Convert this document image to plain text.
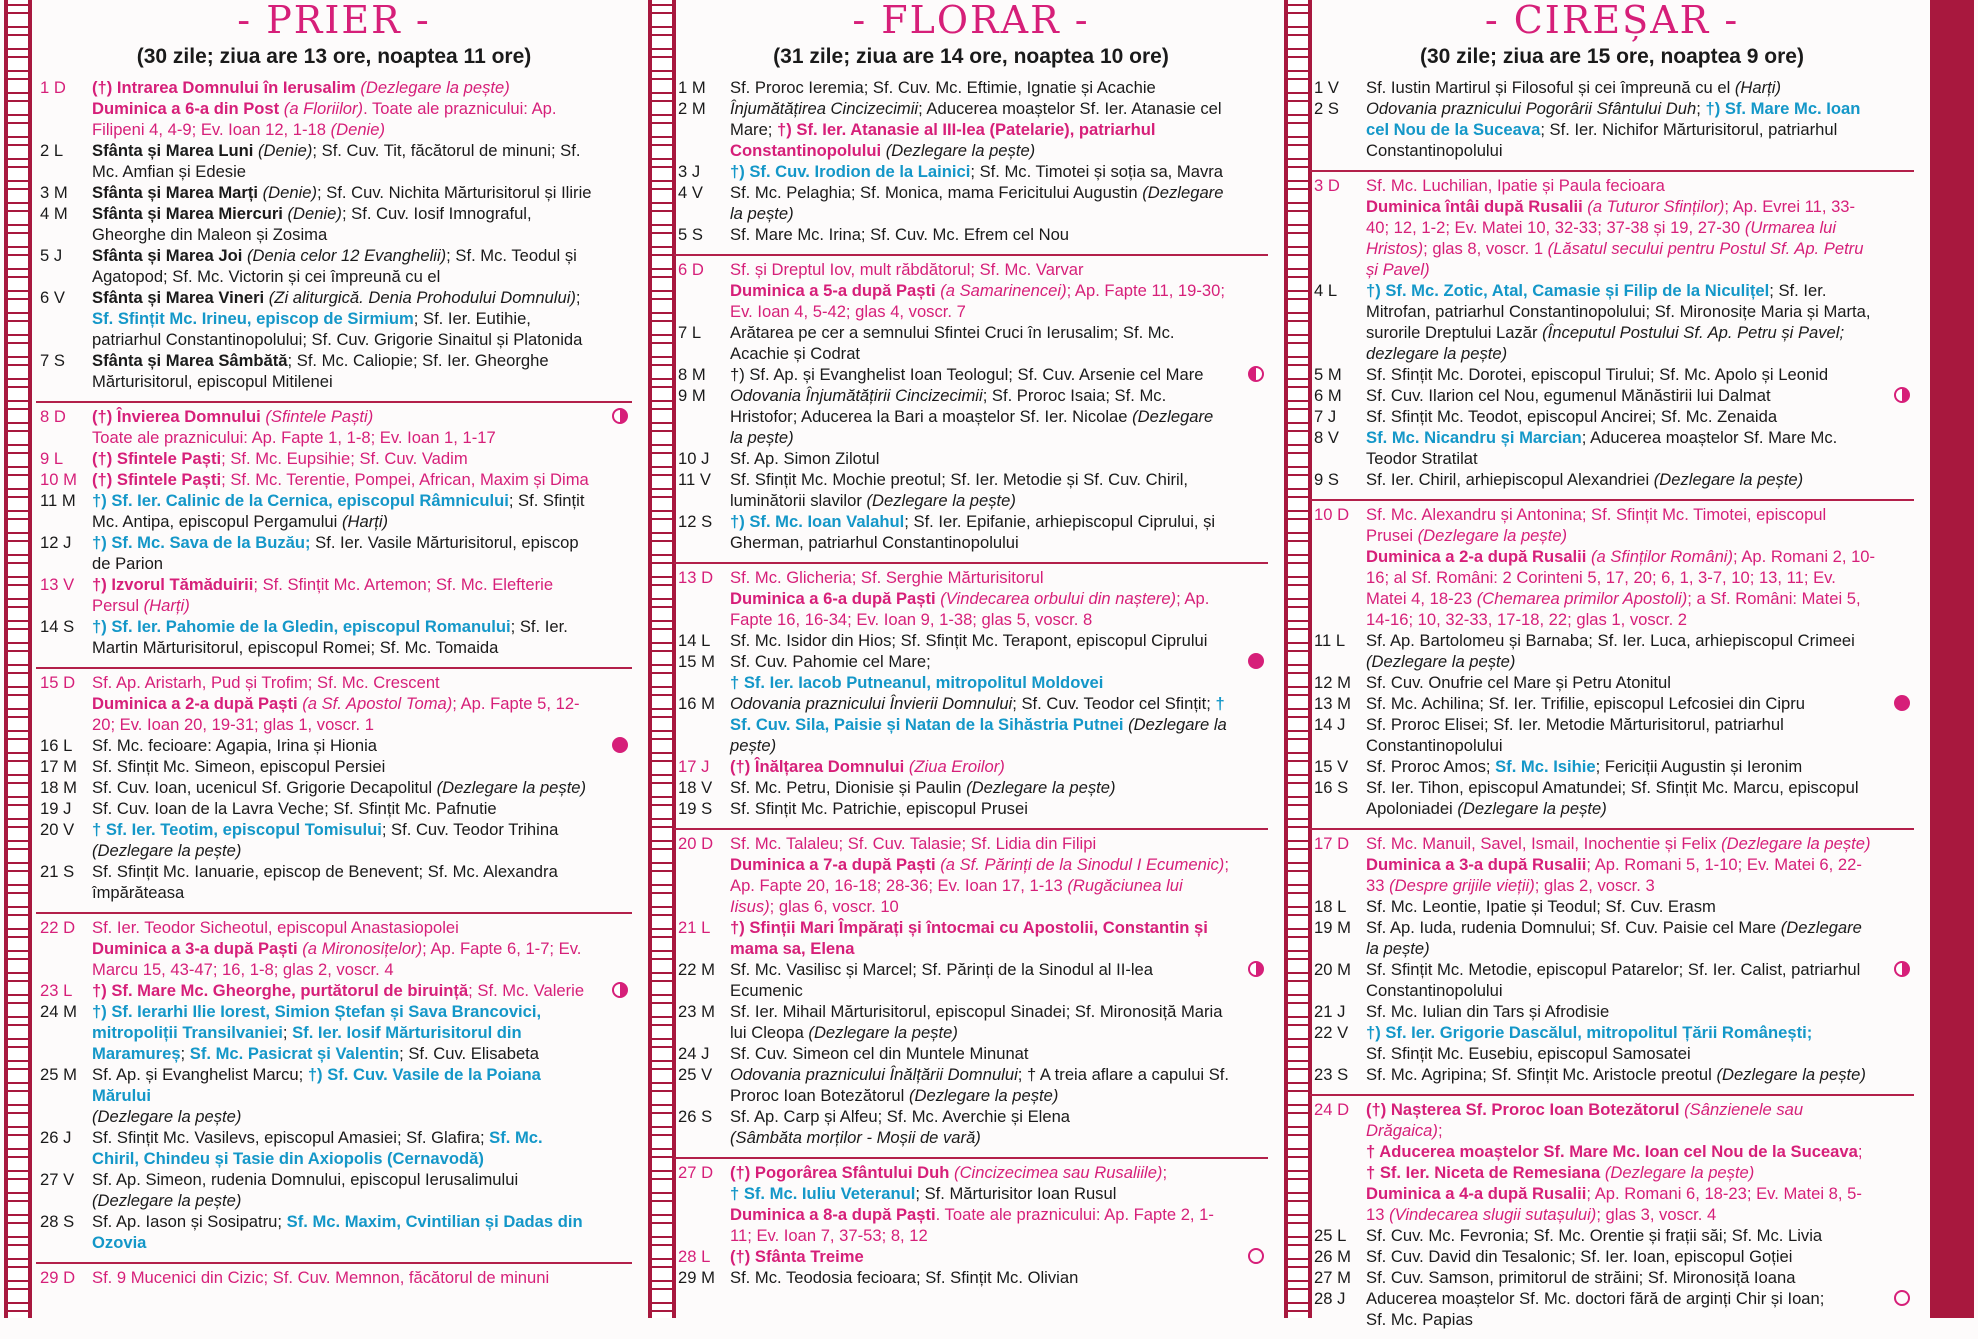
- PRIER -
(30 zile; ziua are 13 ore, noaptea 11 ore)
1 D	(†) Intrarea Domnului în Ierusalim (Dezlegare la pește)
Duminica a 6-a din Post (a Floriilor). Toate ale praznicului: Ap. Filipeni 4, 4-9; Ev. Ioan 12, 1-18 (Denie)
2 L	Sfânta și Marea Luni (Denie); Sf. Cuv. Tit, făcătorul de minuni; Sf. Mc. Amfian și Edesie
3 M	Sfânta și Marea Marți (Denie); Sf. Cuv. Nichita Mărturisitorul și Ilirie
4 M	Sfânta și Marea Miercuri (Denie); Sf. Cuv. Iosif Imnograful, Gheorghe din Maleon și Zosima
5 J	Sfânta și Marea Joi (Denia celor 12 Evanghelii); Sf. Mc. Teodul și Agatopod; Sf. Mc. Victorin și cei împreună cu el
6 V	Sfânta și Marea Vineri (Zi aliturgică. Denia Prohodului Domnului); Sf. Sfințit Mc. Irineu, episcop de Sirmium; Sf. Ier. Eutihie, patriarhul Constantinopolului; Sf. Cuv. Grigorie Sinaitul și Platonida
7 S	Sfânta și Marea Sâmbătă; Sf. Mc. Caliopie; Sf. Ier. Gheorghe Mărturisitorul, episcopul Mitilenei
8 D	(†) Învierea Domnului (Sfintele Paști)
Toate ale praznicului: Ap. Fapte 1, 1-8; Ev. Ioan 1, 1-17
9 L	(†) Sfintele Paști; Sf. Mc. Eupsihie; Sf. Cuv. Vadim
10 M (†) Sfintele Paști; Sf. Mc. Terentie, Pompei, African, Maxim și Dima
11 M †) Sf. Ier. Calinic de la Cernica, episcopul Râmnicului; Sf. Sfințit Mc. Antipa, episcopul Pergamului (Harți)
12 J	†) Sf. Mc. Sava de la Buzău; Sf. Ier. Vasile Mărturisitorul, episcop de Parion
13 V	†) Izvorul Tămăduirii; Sf. Sfințit Mc. Artemon; Sf. Mc. Elefterie Persul (Harți)
14 S	†) Sf. Ier. Pahomie de la Gledin, episcopul Romanului; Sf. Ier. Martin Mărturisitorul, episcopul Romei; Sf. Mc. Tomaida
15 D	Sf. Ap. Aristarh, Pud și Trofim; Sf. Mc. Crescent
Duminica a 2-a după Paști (a Sf. Apostol Toma); Ap. Fapte 5, 12-20; Ev. Ioan 20, 19-31; glas 1, voscr. 1
16 L	Sf. Mc. fecioare: Agapia, Irina și Hionia
17 M Sf. Sfințit Mc. Simeon, episcopul Persiei
18 M Sf. Cuv. Ioan, ucenicul Sf. Grigorie Decapolitul (Dezlegare la pește)
19 J	Sf. Cuv. Ioan de la Lavra Veche; Sf. Sfințit Mc. Pafnutie
20 V	† Sf. Ier. Teotim, episcopul Tomisului; Sf. Cuv. Teodor Trihina (Dezlegare la pește)
21 S	Sf. Sfințit Mc. Ianuarie, episcop de Benevent; Sf. Mc. Alexandra împărăteasa
22 D	Sf. Ier. Teodor Sicheotul, episcopul Anastasiopolei
Duminica a 3-a după Paști (a Mironosițelor); Ap. Fapte 6, 1-7; Ev. Marcu 15, 43-47; 16, 1-8; glas 2, voscr. 4
23 L	†) Sf. Mare Mc. Gheorghe, purtătorul de biruință; Sf. Mc. Valerie
24 M †) Sf. Ierarhi Ilie Iorest, Simion Ștefan și Sava Brancovici, mitropoliții Transilvaniei; Sf. Ier. Iosif Mărturisitorul din Maramureș; Sf. Mc. Pasicrat și Valentin; Sf. Cuv. Elisabeta
25 M Sf. Ap. și Evanghelist Marcu; †) Sf. Cuv. Vasile de la Poiana Mărului
(Dezlegare la pește)
26 J	Sf. Sfințit Mc. Vasilevs, episcopul Amasiei; Sf. Glafira; Sf. Mc. Chiril, Chindeu și Tasie din Axiopolis (Cernavodă)
27 V	Sf. Ap. Simeon, rudenia Domnului, episcopul Ierusalimului (Dezlegare la pește)
28 S	Sf. Ap. Iason și Sosipatru; Sf. Mc. Maxim, Cvintilian și Dadas din Ozovia
29 D	Sf. 9 Mucenici din Cizic; Sf. Cuv. Memnon, făcătorul de minuni
- FLORAR -
(31 zile; ziua are 14 ore, noaptea 10 ore)
1 M	Sf. Proroc Ieremia; Sf. Cuv. Mc. Eftimie, Ignatie și Acachie
2 M	Înjumătățirea Cincizecimii; Aducerea moaștelor Sf. Ier. Atanasie cel Mare; †) Sf. Ier. Atanasie al III-lea (Patelarie), patriarhul Constantinopolului (Dezlegare la pește)
3 J	†) Sf. Cuv. Irodion de la Lainici; Sf. Mc. Timotei și soția sa, Mavra
4 V	Sf. Mc. Pelaghia; Sf. Monica, mama Fericitului Augustin (Dezlegare la pește)
5 S	Sf. Mare Mc. Irina; Sf. Cuv. Mc. Efrem cel Nou
6 D	Sf. și Dreptul Iov, mult răbdătorul; Sf. Mc. Varvar
Duminica a 5-a după Paști (a Samarinencei); Ap. Fapte 11, 19-30; Ev. Ioan 4, 5-42; glas 4, voscr. 7
7 L	Arătarea pe cer a semnului Sfintei Cruci în Ierusalim; Sf. Mc. Acachie și Codrat
8 M	†) Sf. Ap. și Evanghelist Ioan Teologul; Sf. Cuv. Arsenie cel Mare
9 M	Odovania Înjumătățirii Cincizecimii; Sf. Proroc Isaia; Sf. Mc. Hristofor; Aducerea la Bari a moaștelor Sf. Ier. Nicolae (Dezlegare la pește)
10 J	Sf. Ap. Simon Zilotul
11 V	Sf. Sfințit Mc. Mochie preotul; Sf. Ier. Metodie și Sf. Cuv. Chiril, luminătorii slavilor (Dezlegare la pește)
12 S	†) Sf. Mc. Ioan Valahul; Sf. Ier. Epifanie, arhiepiscopul Ciprului, și Gherman, patriarhul Constantinopolului
13 D	Sf. Mc. Glicheria; Sf. Serghie Mărturisitorul
Duminica a 6-a după Paști (Vindecarea orbului din naștere); Ap. Fapte 16, 16-34; Ev. Ioan 9, 1-38; glas 5, voscr. 8
14 L	Sf. Mc. Isidor din Hios; Sf. Sfințit Mc. Terapont, episcopul Ciprului
15 M Sf. Cuv. Pahomie cel Mare;
† Sf. Ier. Iacob Putneanul, mitropolitul Moldovei
16 M Odovania praznicului Învierii Domnului; Sf. Cuv. Teodor cel Sfințit; † Sf. Cuv. Sila, Paisie și Natan de la Sihăstria Putnei (Dezlegare la pește)
17 J	(†) Înălțarea Domnului (Ziua Eroilor)
18 V	Sf. Mc. Petru, Dionisie și Paulin (Dezlegare la pește)
19 S	Sf. Sfințit Mc. Patrichie, episcopul Prusei
20 D	Sf. Mc. Talaleu; Sf. Cuv. Talasie; Sf. Lidia din Filipi
Duminica a 7-a după Paști (a Sf. Părinți de la Sinodul I Ecumenic); Ap. Fapte 20, 16-18; 28-36; Ev. Ioan 17, 1-13 (Rugăciunea lui Iisus); glas 6, voscr. 10
21 L	†) Sfinții Mari Împărați și întocmai cu Apostolii, Constantin și mama sa, Elena
22 M Sf. Mc. Vasilisc și Marcel; Sf. Părinți de la Sinodul al II-lea Ecumenic
23 M Sf. Ier. Mihail Mărturisitorul, episcopul Sinadei; Sf. Mironosiță Maria lui Cleopa (Dezlegare la pește)
24 J	Sf. Cuv. Simeon cel din Muntele Minunat
25 V	Odovania praznicului Înălțării Domnului; † A treia aflare a capului Sf. Proroc Ioan Botezătorul (Dezlegare la pește)
26 S	Sf. Ap. Carp și Alfeu; Sf. Mc. Averchie și Elena
(Sâmbăta morților - Moșii de vară)
27 D	(†) Pogorârea Sfântului Duh (Cincizecimea sau Rusaliile);
† Sf. Mc. Iuliu Veteranul; Sf. Mărturisitor Ioan Rusul
Duminica a 8-a după Paști. Toate ale praznicului: Ap. Fapte 2, 1-11; Ev. Ioan 7, 37-53; 8, 12
28 L	(†) Sfânta Treime
29 M Sf. Mc. Teodosia fecioara; Sf. Sfințit Mc. Olivian
- CIREȘAR -
(30 zile; ziua are 15 ore, noaptea 9 ore)
1 V	Sf. Iustin Martirul și Filosoful și cei împreună cu el (Harți)
2 S	Odovania praznicului Pogorârii Sfântului Duh; †) Sf. Mare Mc. Ioan cel Nou de la Suceava; Sf. Ier. Nichifor Mărturisitorul, patriarhul Constantinopolului
3 D	Sf. Mc. Luchilian, Ipatie și Paula fecioara
Duminica întâi după Rusalii (a Tuturor Sfinților); Ap. Evrei 11, 33-40; 12, 1-2; Ev. Matei 10, 32-33; 37-38 și 19, 27-30 (Urmarea lui Hristos); glas 8, voscr. 1 (Lăsatul secului pentru Postul Sf. Ap. Petru și Pavel)
4 L	†) Sf. Mc. Zotic, Atal, Camasie și Filip de la Niculițel; Sf. Ier. Mitrofan, patriarhul Constantinopolului; Sf. Mironosițe Maria și Marta, surorile Dreptului Lazăr (Începutul Postului Sf. Ap. Petru și Pavel; dezlegare la pește)
5 M	Sf. Sfințit Mc. Dorotei, episcopul Tirului; Sf. Mc. Apolo și Leonid
6 M	Sf. Cuv. Ilarion cel Nou, egumenul Mănăstirii lui Dalmat
7 J	Sf. Sfințit Mc. Teodot, episcopul Ancirei; Sf. Mc. Zenaida
8 V	Sf. Mc. Nicandru și Marcian; Aducerea moaștelor Sf. Mare Mc. Teodor Stratilat
9 S	Sf. Ier. Chiril, arhiepiscopul Alexandriei (Dezlegare la pește)
10 D	Sf. Mc. Alexandru și Antonina; Sf. Sfințit Mc. Timotei, episcopul Prusei (Dezlegare la pește)
Duminica a 2-a după Rusalii (a Sfinților Români); Ap. Romani 2, 10-16; al Sf. Români: 2 Corinteni 5, 17, 20; 6, 1, 3-7, 10; 13, 11; Ev. Matei 4, 18-23 (Chemarea primilor Apostoli); a Sf. Români: Matei 5, 14-16; 10, 32-33, 17-18, 22; glas 1, voscr. 2
11 L	Sf. Ap. Bartolomeu și Barnaba; Sf. Ier. Luca, arhiepiscopul Crimeei (Dezlegare la pește)
12 M Sf. Cuv. Onufrie cel Mare și Petru Atonitul
13 M Sf. Mc. Achilina; Sf. Ier. Trifilie, episcopul Lefcosiei din Cipru
14 J	Sf. Proroc Elisei; Sf. Ier. Metodie Mărturisitorul, patriarhul Constantinopolului
15 V	Sf. Proroc Amos; Sf. Mc. Isihie; Fericiții Augustin și Ieronim
16 S	Sf. Ier. Tihon, episcopul Amatundei; Sf. Sfințit Mc. Marcu, episcopul Apoloniadei (Dezlegare la pește)
17 D	Sf. Mc. Manuil, Savel, Ismail, Inochentie și Felix (Dezlegare la pește)
Duminica a 3-a după Rusalii; Ap. Romani 5, 1-10; Ev. Matei 6, 22-33 (Despre grijile vieții); glas 2, voscr. 3
18 L	Sf. Mc. Leontie, Ipatie și Teodul; Sf. Cuv. Erasm
19 M Sf. Ap. Iuda, rudenia Domnului; Sf. Cuv. Paisie cel Mare (Dezlegare la pește)
20 M Sf. Sfințit Mc. Metodie, episcopul Patarelor; Sf. Ier. Calist, patriarhul Constantinopolului
21 J	Sf. Mc. Iulian din Tars și Afrodisie
22 V	†) Sf. Ier. Grigorie Dascălul, mitropolitul Țării Românești;
Sf. Sfințit Mc. Eusebiu, episcopul Samosatei
23 S	Sf. Mc. Agripina; Sf. Sfințit Mc. Aristocle preotul (Dezlegare la pește)
24 D	(†) Nașterea Sf. Proroc Ioan Botezătorul (Sânzienele sau Drăgaica);
† Aducerea moaștelor Sf. Mare Mc. Ioan cel Nou de la Suceava;
† Sf. Ier. Niceta de Remesiana (Dezlegare la pește)
Duminica a 4-a după Rusalii; Ap. Romani 6, 18-23; Ev. Matei 8, 5-13 (Vindecarea slugii sutașului); glas 3, voscr. 4
25 L	Sf. Cuv. Mc. Fevronia; Sf. Mc. Orentie și frații săi; Sf. Mc. Livia
26 M Sf. Cuv. David din Tesalonic; Sf. Ier. Ioan, episcopul Goției
27 M Sf. Cuv. Samson, primitorul de străini; Sf. Mironosiță Ioana
28 J	Aducerea moaștelor Sf. Mc. doctori fără de arginți Chir și Ioan;
Sf. Mc. Papias
